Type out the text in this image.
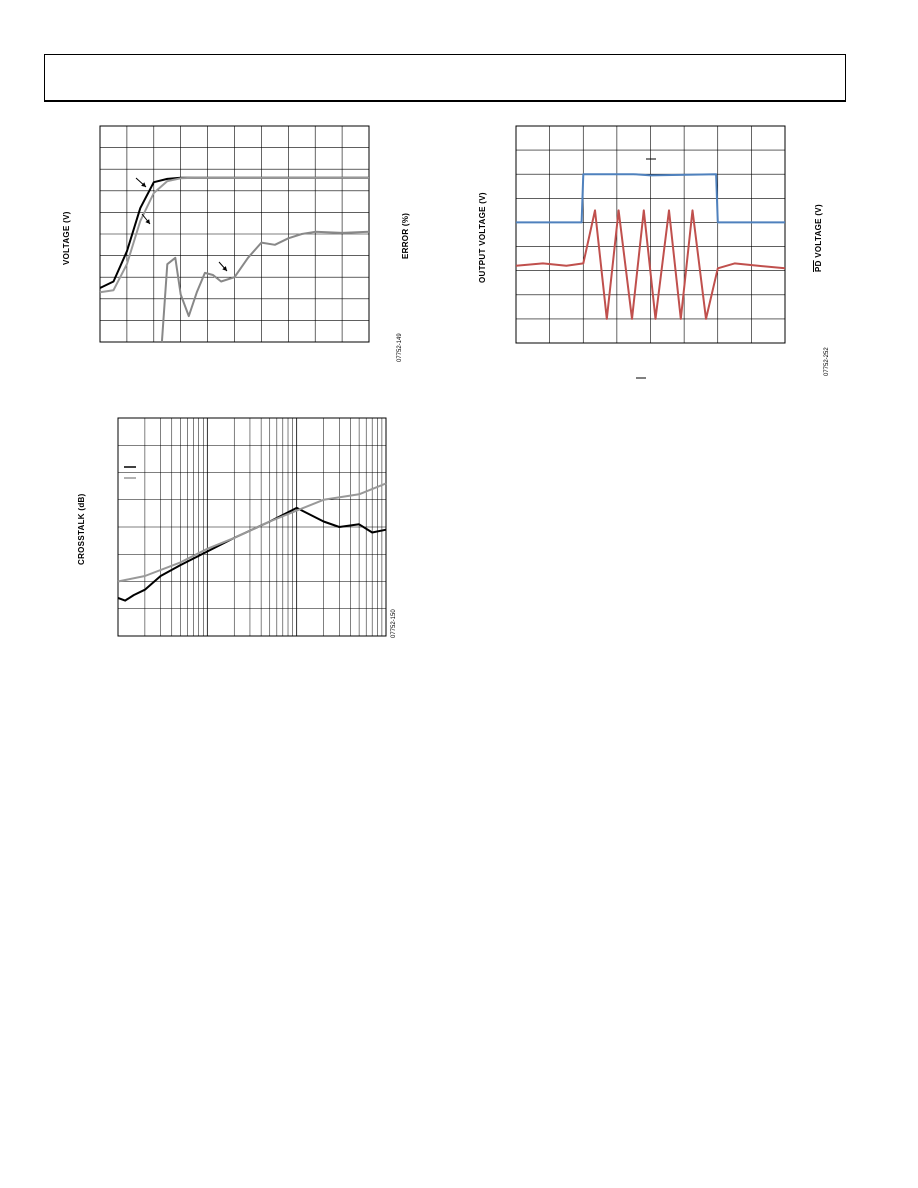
VOLTAGE (V)	ERROR (%)
07752-149
OUTPUT VOLTAGE (V)	$\overline{PD}$ VOLTAGE (V)
07752-252
CROSSTALK (dB)
07752-150
